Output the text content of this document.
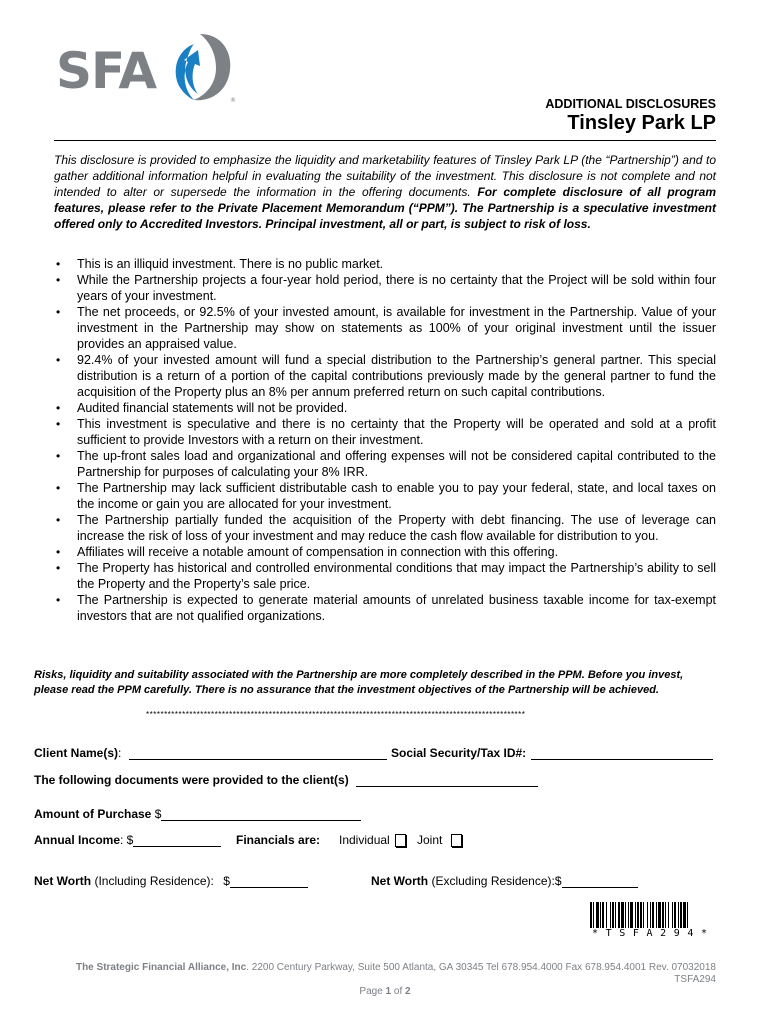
SFA
®	ADDITIONAL DISCLOSURES
Tinsley Park LP
This disclosure is provided to emphasize the liquidity and marketability features of Tinsley Park LP (the “Partnership”) and to gather additional information helpful in evaluating the suitability of the investment. This disclosure is not complete and not intended to alter or supersede the information in the offering documents. For complete disclosure of all program features, please refer to the Private Placement Memorandum (“PPM”). The Partnership is a speculative investment offered only to Accredited Investors. Principal investment, all or part, is subject to risk of loss.
• This is an illiquid investment. There is no public market.
• While the Partnership projects a four-year hold period, there is no certainty that the Project will be sold within four years of your investment.
• The net proceeds, or 92.5% of your invested amount, is available for investment in the Partnership. Value of your investment in the Partnership may show on statements as 100% of your original investment until the issuer provides an appraised value.
• 92.4% of your invested amount will fund a special distribution to the Partnership’s general partner. This special distribution is a return of a portion of the capital contributions previously made by the general partner to fund the acquisition of the Property plus an 8% per annum preferred return on such capital contributions.
• Audited financial statements will not be provided.
• This investment is speculative and there is no certainty that the Property will be operated and sold at a profit sufficient to provide Investors with a return on their investment.
• The up-front sales load and organizational and offering expenses will not be considered capital contributed to the Partnership for purposes of calculating your 8% IRR.
• The Partnership may lack sufficient distributable cash to enable you to pay your federal, state, and local taxes on the income or gain you are allocated for your investment.
• The Partnership partially funded the acquisition of the Property with debt financing. The use of leverage can increase the risk of loss of your investment and may reduce the cash flow available for distribution to you.
• Affiliates will receive a notable amount of compensation in connection with this offering.
• The Property has historical and controlled environmental conditions that may impact the Partnership’s ability to sell the Property and the Property’s sale price.
• The Partnership is expected to generate material amounts of unrelated business taxable income for tax-exempt investors that are not qualified organizations.
Risks, liquidity and suitability associated with the Partnership are more completely described in the PPM. Before you invest, please read the PPM carefully. There is no assurance that the investment objectives of the Partnership will be achieved.
*********************************************************************************************************
Client Name(s):	Social Security/Tax ID#:
The following documents were provided to the client(s)
Amount of Purchase $
Annual Income: $	Financials are: Individual	Joint
Net Worth (Including Residence): $	Net Worth (Excluding Residence):$
*TSFA294*
The Strategic Financial Alliance, Inc. 2200 Century Parkway, Suite 500 Atlanta, GA 30345 Tel 678.954.4000 Fax 678.954.4001 Rev. 07032018
TSFA294
Page 1 of 2
